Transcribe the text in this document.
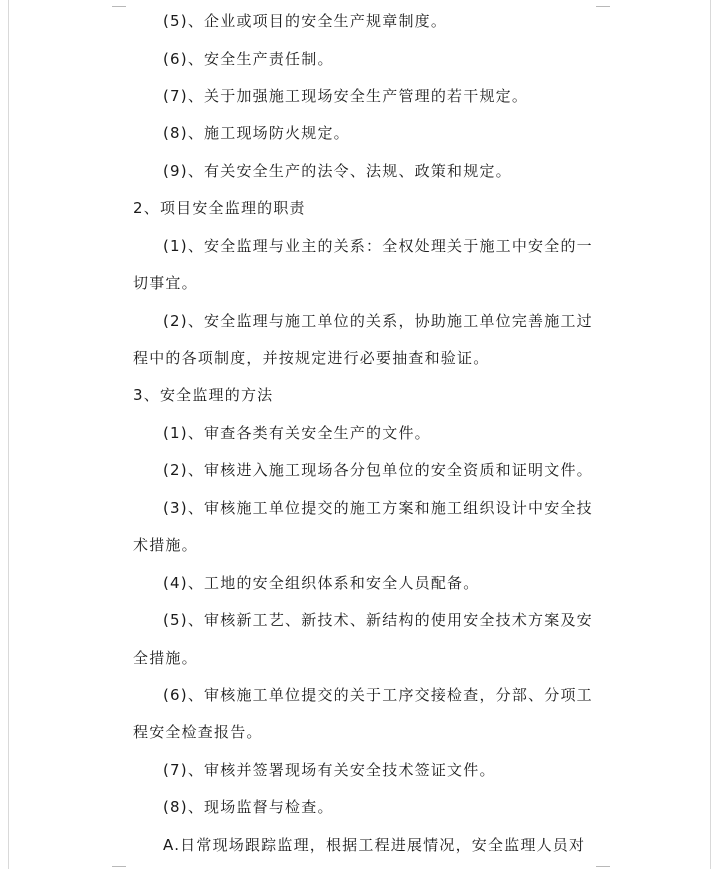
(5)、企业或项目的安全生产规章制度。
(6)、安全生产责任制。
(7)、关于加强施工现场安全生产管理的若干规定。
(8)、施工现场防火规定。
(9)、有关安全生产的法令、法规、政策和规定。
2、项目安全监理的职责
(1)、安全监理与业主的关系：全权处理关于施工中安全的一
切事宜。
(2)、安全监理与施工单位的关系，协助施工单位完善施工过
程中的各项制度，并按规定进行必要抽查和验证。
3、安全监理的方法
(1)、审查各类有关安全生产的文件。
(2)、审核进入施工现场各分包单位的安全资质和证明文件。
(3)、审核施工单位提交的施工方案和施工组织设计中安全技
术措施。
(4)、工地的安全组织体系和安全人员配备。
(5)、审核新工艺、新技术、新结构的使用安全技术方案及安
全措施。
(6)、审核施工单位提交的关于工序交接检查，分部、分项工
程安全检查报告。
(7)、审核并签署现场有关安全技术签证文件。
(8)、现场监督与检查。
A.日常现场跟踪监理，根据工程进展情况，安全监理人员对
